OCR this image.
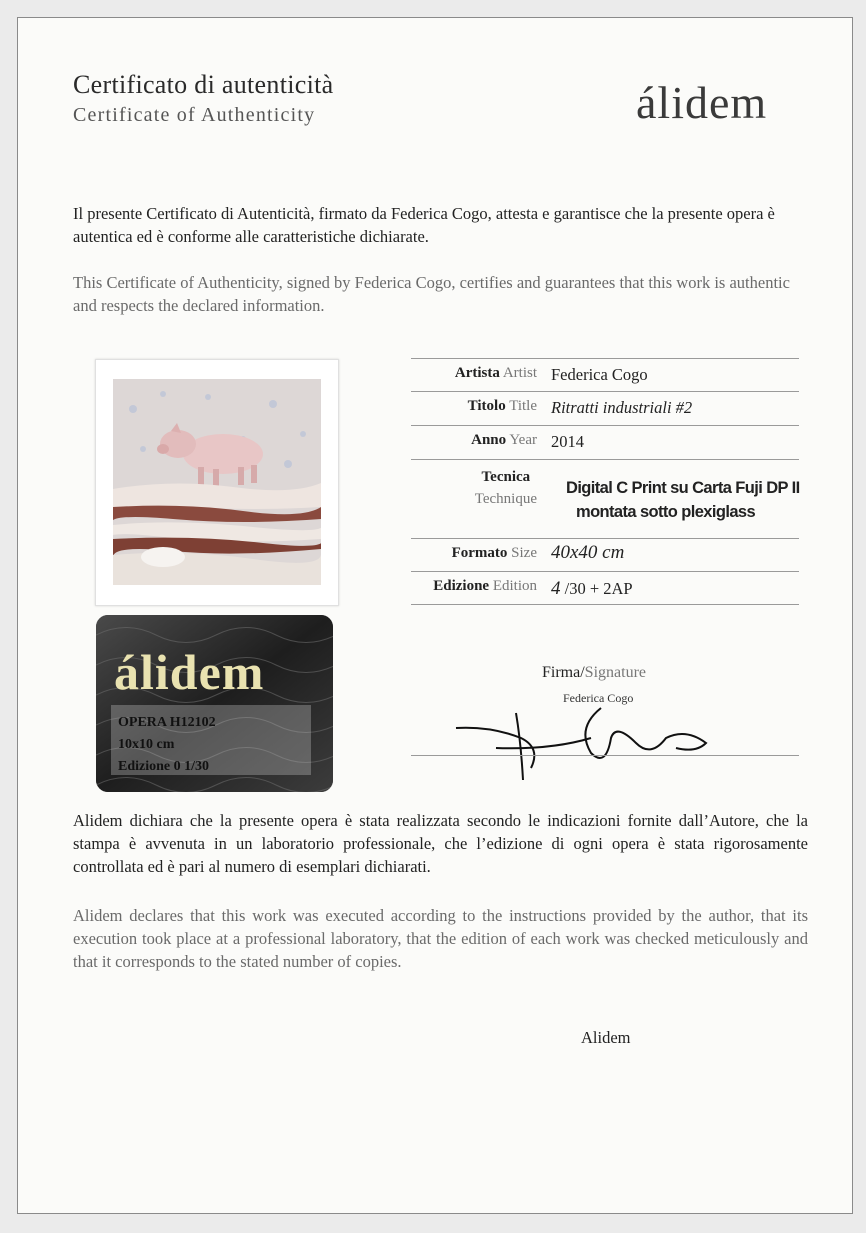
Certificato di autenticità
Certificate of Authenticity	álidem
Il presente Certificato di Autenticità, firmato da Federica Cogo, attesta e garantisce che la presente opera è autentica ed è conforme alle caratteristiche dichiarate.
This Certificate of Authenticity, signed by Federica Cogo, certifies and guarantees that this work is authentic and respects the declared information.
álidem
OPERA H12102
10x10 cm
Edizione 0 1/30
Artista Artist Federica Cogo
Titolo Title Ritratti industriali #2
Anno Year 2014
Tecnica
Technique
Digital C Print su Carta Fuji DP II
montata sotto plexiglass
Formato Size 40x40 cm
Edizione Edition 4 /30 + 2AP
Firma/Signature
Federica Cogo
Alidem dichiara che la presente opera è stata realizzata secondo le indicazioni fornite dall’Autore, che la stampa è avvenuta in un laboratorio professionale, che l’edizione di ogni opera è stata rigorosamente controllata ed è pari al numero di esemplari dichiarati.
Alidem declares that this work was executed according to the instructions provided by the author, that its execution took place at a professional laboratory, that the edition of each work was checked meticulously and that it corresponds to the stated number of copies.
Alidem
